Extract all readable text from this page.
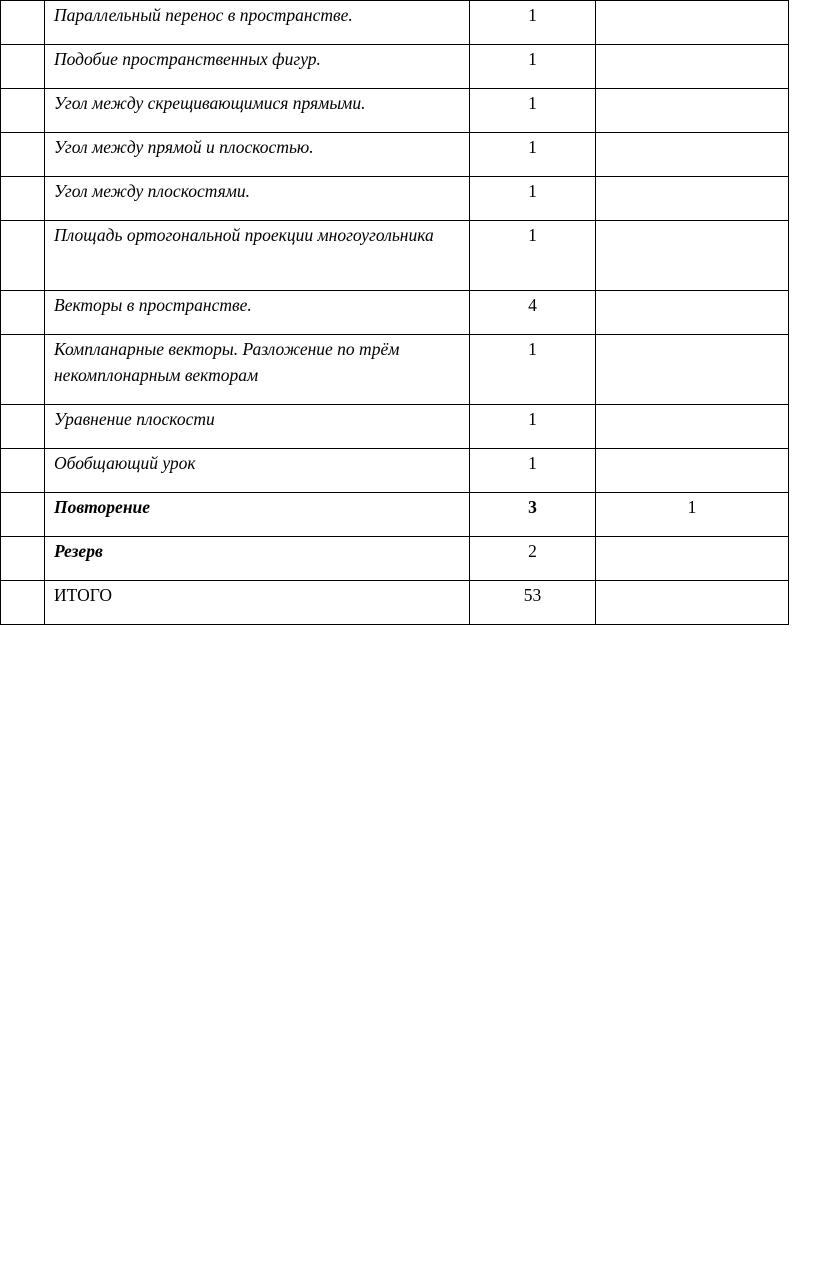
	Параллельный перенос в пространстве.	1	
	Подобие пространственных фигур.	1	
	Угол между скрещивающимися прямыми.	1	
	Угол между прямой и плоскостью.	1	
	Угол между плоскостями.	1	
	Площадь ортогональной проекции многоугольника	1	
	Векторы в пространстве.	4	
	Компланарные векторы. Разложение по трём некомплонарным векторам	1	
	Уравнение плоскости	1	
	Обобщающий урок	1	
	Повторение	3	1
	Резерв	2	
	ИТОГО	53	
